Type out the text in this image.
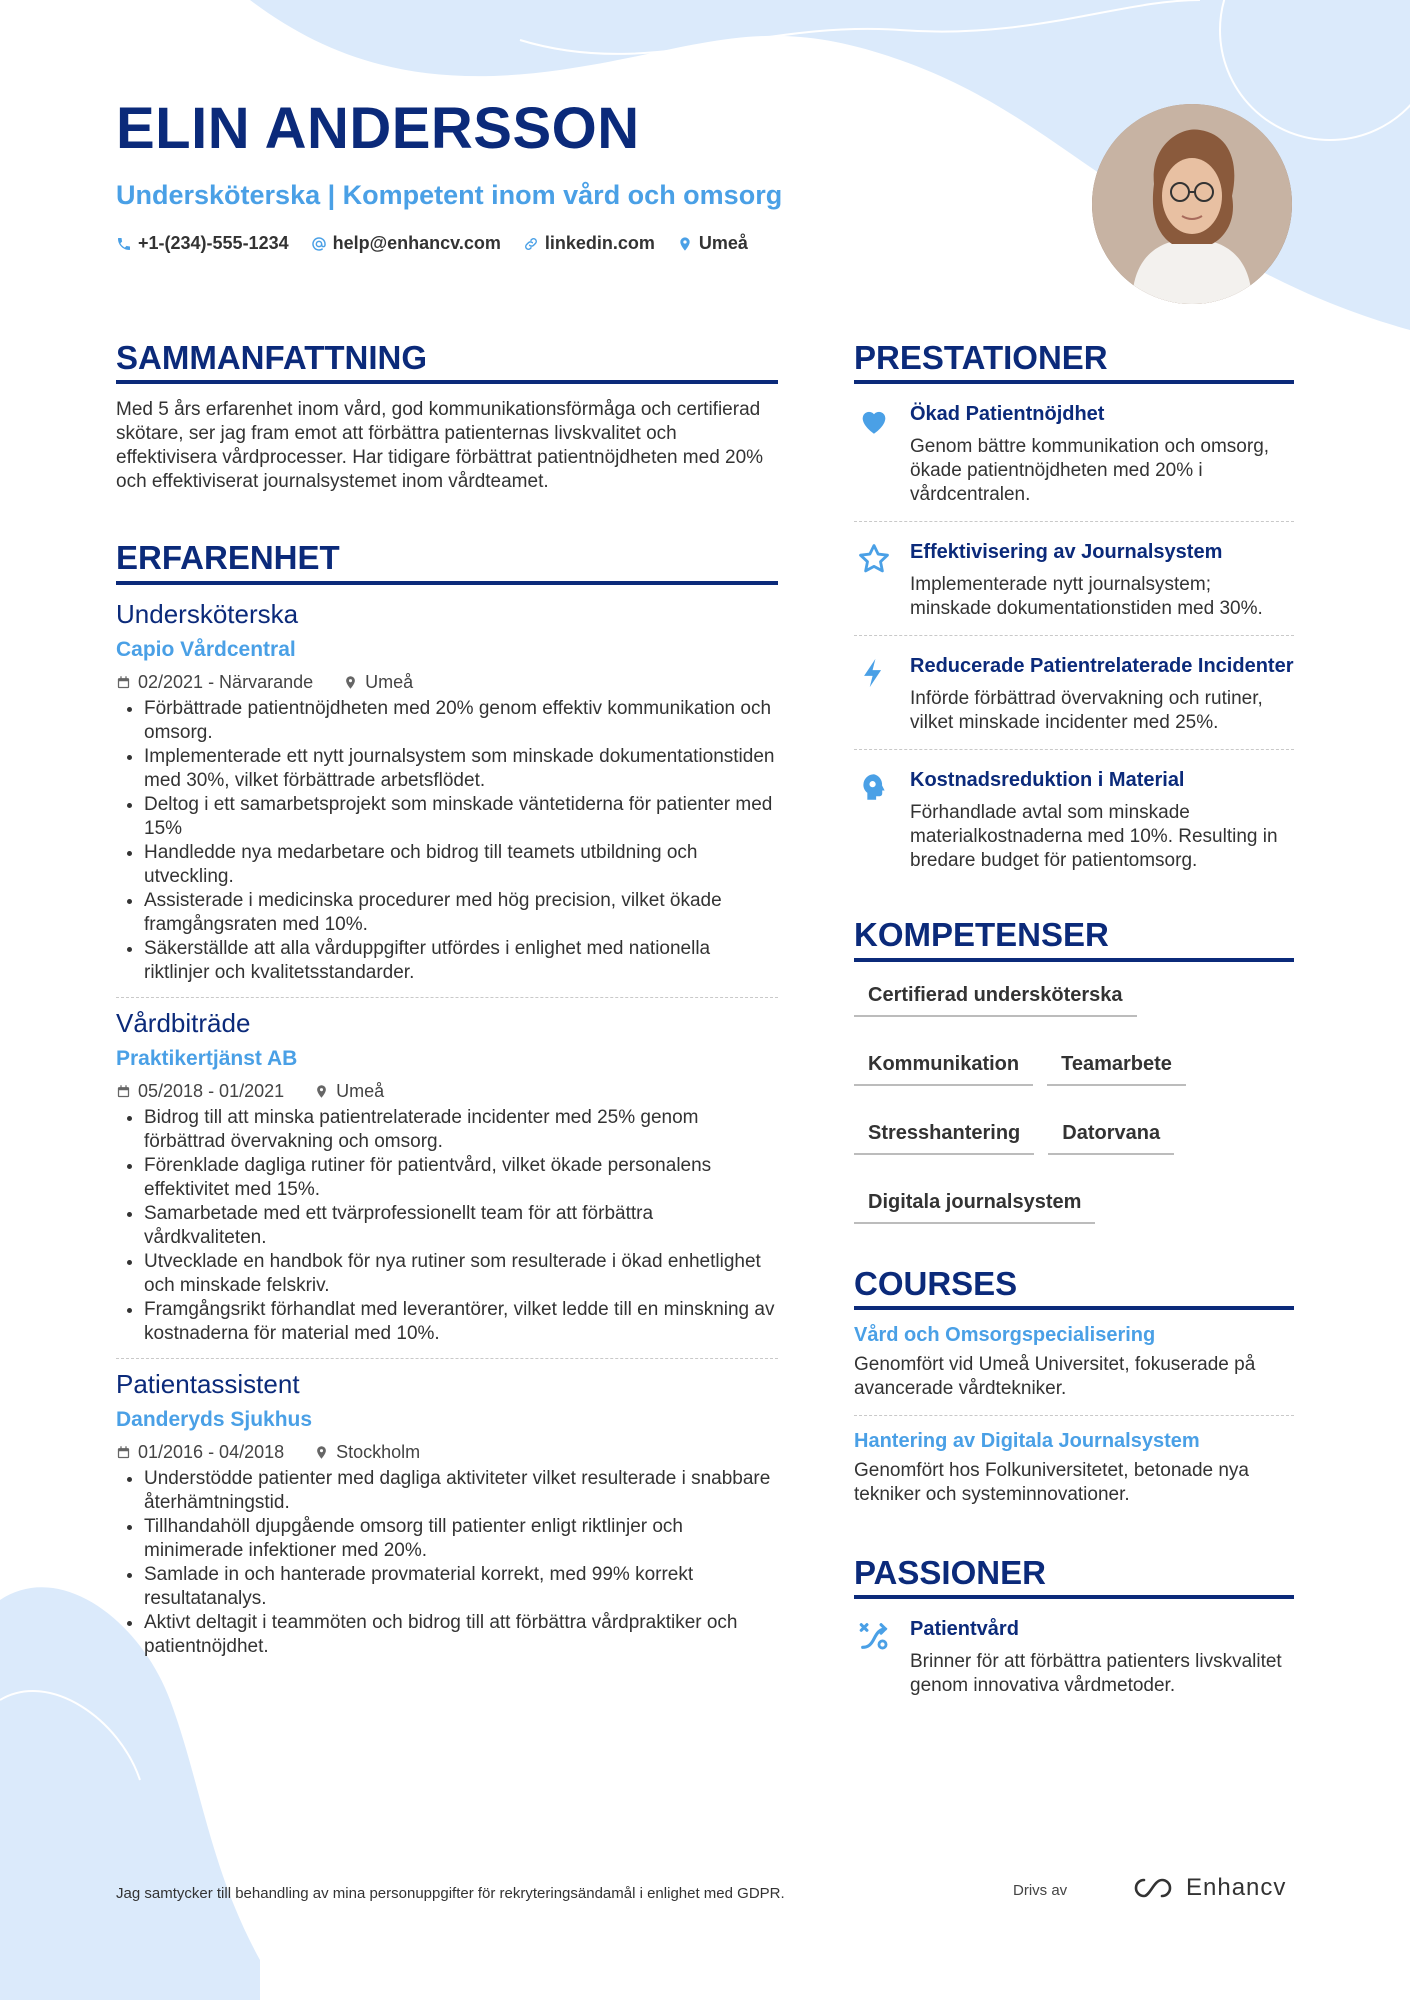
ELIN ANDERSSON
Undersköterska | Kompetent inom vård och omsorg
+1-(234)-555-1234 help@enhancv.com linkedin.com Umeå
SAMMANFATTNING
Med 5 års erfarenhet inom vård, god kommunikationsförmåga och certifierad skötare, ser jag fram emot att förbättra patienternas livskvalitet och effektivisera vårdprocesser. Har tidigare förbättrat patientnöjdheten med 20% och effektiviserat journalsystemet inom vårdteamet.
ERFARENHET
Undersköterska
Capio Vårdcentral
02/2021 - Närvarande	Umeå
• Förbättrade patientnöjdheten med 20% genom effektiv kommunikation och omsorg.
• Implementerade ett nytt journalsystem som minskade dokumentationstiden med 30%, vilket förbättrade arbetsflödet.
• Deltog i ett samarbetsprojekt som minskade väntetiderna för patienter med 15%
• Handledde nya medarbetare och bidrog till teamets utbildning och utveckling.
• Assisterade i medicinska procedurer med hög precision, vilket ökade framgångsraten med 10%.
• Säkerställde att alla vårduppgifter utfördes i enlighet med nationella riktlinjer och kvalitetsstandarder.
Vårdbiträde
Praktikertjänst AB
05/2018 - 01/2021	Umeå
• Bidrog till att minska patientrelaterade incidenter med 25% genom förbättrad övervakning och omsorg.
• Förenklade dagliga rutiner för patientvård, vilket ökade personalens effektivitet med 15%.
• Samarbetade med ett tvärprofessionellt team för att förbättra vårdkvaliteten.
• Utvecklade en handbok för nya rutiner som resulterade i ökad enhetlighet och minskade felskriv.
• Framgångsrikt förhandlat med leverantörer, vilket ledde till en minskning av kostnaderna för material med 10%.
Patientassistent
Danderyds Sjukhus
01/2016 - 04/2018	Stockholm
• Understödde patienter med dagliga aktiviteter vilket resulterade i snabbare återhämtningstid.
• Tillhandahöll djupgående omsorg till patienter enligt riktlinjer och minimerade infektioner med 20%.
• Samlade in och hanterade provmaterial korrekt, med 99% korrekt resultatanalys.
• Aktivt deltagit i teammöten och bidrog till att förbättra vårdpraktiker och patientnöjdhet.
PRESTATIONER
Ökad Patientnöjdhet
Genom bättre kommunikation och omsorg, ökade patientnöjdheten med 20% i vårdcentralen.
Effektivisering av Journalsystem
Implementerade nytt journalsystem; minskade dokumentationstiden med 30%.
Reducerade Patientrelaterade Incidenter
Införde förbättrad övervakning och rutiner, vilket minskade incidenter med 25%.
Kostnadsreduktion i Material
Förhandlade avtal som minskade materialkostnaderna med 10%. Resulting in bredare budget för patientomsorg.
KOMPETENSER
Certifierad undersköterska
Kommunikation	Teamarbete
Stresshantering	Datorvana
Digitala journalsystem
COURSES
Vård och Omsorgspecialisering
Genomfört vid Umeå Universitet, fokuserade på avancerade vårdtekniker.
Hantering av Digitala Journalsystem
Genomfört hos Folkuniversitetet, betonade nya tekniker och systeminnovationer.
PASSIONER
Patientvård
Brinner för att förbättra patienters livskvalitet genom innovativa vårdmetoder.
Jag samtycker till behandling av mina personuppgifter för rekryteringsändamål i enlighet med GDPR.	Drivs av	Enhancv
